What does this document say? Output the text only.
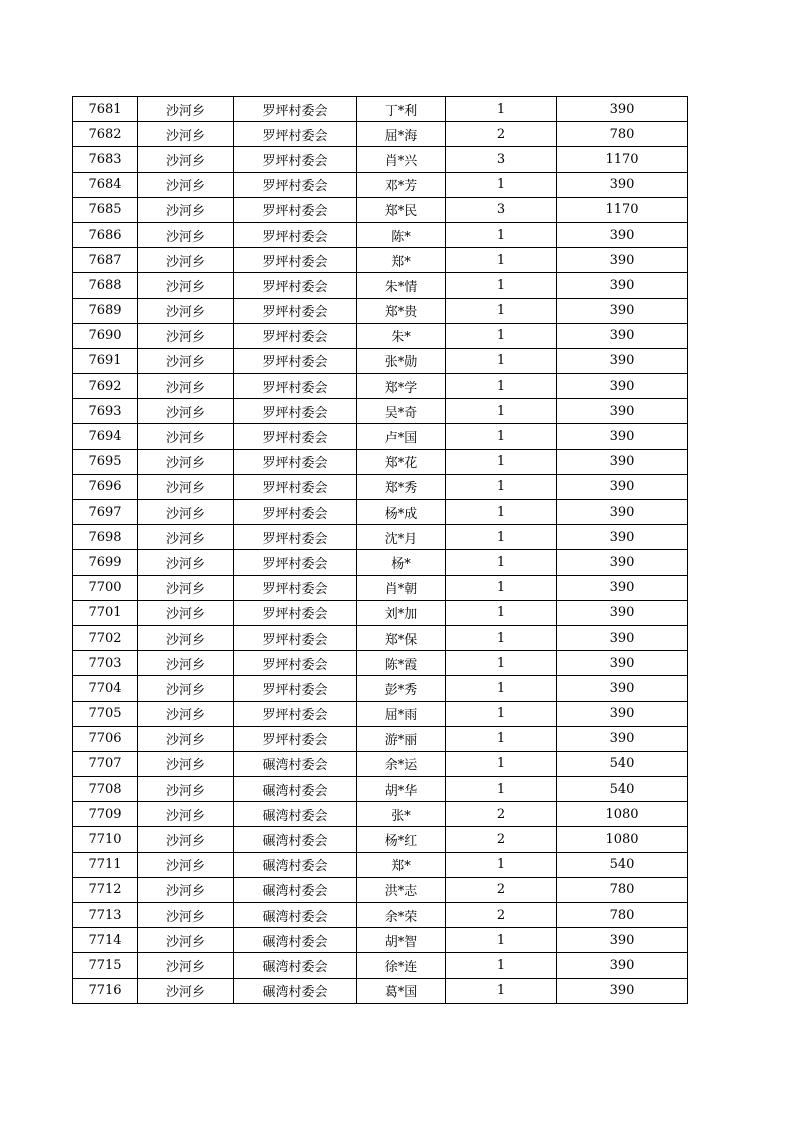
7681	沙河乡	罗坪村委会	丁*利	1	390
7682	沙河乡	罗坪村委会	屈*海	2	780
7683	沙河乡	罗坪村委会	肖*兴	3	1170
7684	沙河乡	罗坪村委会	邓*芳	1	390
7685	沙河乡	罗坪村委会	郑*民	3	1170
7686	沙河乡	罗坪村委会	陈*	1	390
7687	沙河乡	罗坪村委会	郑*	1	390
7688	沙河乡	罗坪村委会	朱*情	1	390
7689	沙河乡	罗坪村委会	郑*贵	1	390
7690	沙河乡	罗坪村委会	朱*	1	390
7691	沙河乡	罗坪村委会	张*勋	1	390
7692	沙河乡	罗坪村委会	郑*学	1	390
7693	沙河乡	罗坪村委会	吴*奇	1	390
7694	沙河乡	罗坪村委会	卢*国	1	390
7695	沙河乡	罗坪村委会	郑*花	1	390
7696	沙河乡	罗坪村委会	郑*秀	1	390
7697	沙河乡	罗坪村委会	杨*成	1	390
7698	沙河乡	罗坪村委会	沈*月	1	390
7699	沙河乡	罗坪村委会	杨*	1	390
7700	沙河乡	罗坪村委会	肖*朝	1	390
7701	沙河乡	罗坪村委会	刘*加	1	390
7702	沙河乡	罗坪村委会	郑*保	1	390
7703	沙河乡	罗坪村委会	陈*霞	1	390
7704	沙河乡	罗坪村委会	彭*秀	1	390
7705	沙河乡	罗坪村委会	屈*雨	1	390
7706	沙河乡	罗坪村委会	游*丽	1	390
7707	沙河乡	碾湾村委会	余*运	1	540
7708	沙河乡	碾湾村委会	胡*华	1	540
7709	沙河乡	碾湾村委会	张*	2	1080
7710	沙河乡	碾湾村委会	杨*红	2	1080
7711	沙河乡	碾湾村委会	郑*	1	540
7712	沙河乡	碾湾村委会	洪*志	2	780
7713	沙河乡	碾湾村委会	余*荣	2	780
7714	沙河乡	碾湾村委会	胡*智	1	390
7715	沙河乡	碾湾村委会	徐*连	1	390
7716	沙河乡	碾湾村委会	葛*国	1	390
